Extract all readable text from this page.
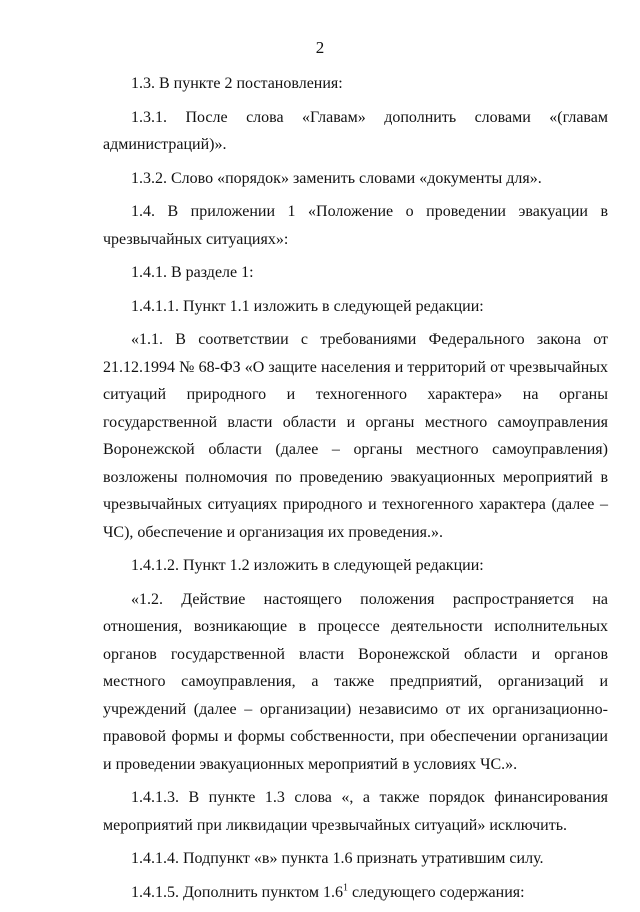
2

1.3. В пункте 2 постановления:

1.3.1. После слова «Главам» дополнить словами «(главам администраций)».

1.3.2. Слово «порядок» заменить словами «документы для».

1.4. В приложении 1 «Положение о проведении эвакуации в чрезвычайных ситуациях»:

1.4.1. В разделе 1:

1.4.1.1. Пункт 1.1 изложить в следующей редакции:

«1.1. В соответствии с требованиями Федерального закона от 21.12.1994 № 68-ФЗ «О защите населения и территорий от чрезвычайных ситуаций природного и техногенного характера» на органы государственной власти области и органы местного самоуправления Воронежской области (далее – органы местного самоуправления) возложены полномочия по проведению эвакуационных мероприятий в чрезвычайных ситуациях природного и техногенного характера (далее – ЧС), обеспечение и организация их проведения.».

1.4.1.2. Пункт 1.2 изложить в следующей редакции:

«1.2. Действие настоящего положения распространяется на отношения, возникающие в процессе деятельности исполнительных органов государственной власти Воронежской области и органов местного самоуправления, а также предприятий, организаций и учреждений (далее – организации) независимо от их организационно-правовой формы и формы собственности, при обеспечении организации и проведении эвакуационных мероприятий в условиях ЧС.».

1.4.1.3. В пункте 1.3 слова «, а также порядок финансирования мероприятий при ликвидации чрезвычайных ситуаций» исключить.

1.4.1.4. Подпункт «в» пункта 1.6 признать утратившим силу.

1.4.1.5. Дополнить пунктом $1.6^1$ следующего содержания:
